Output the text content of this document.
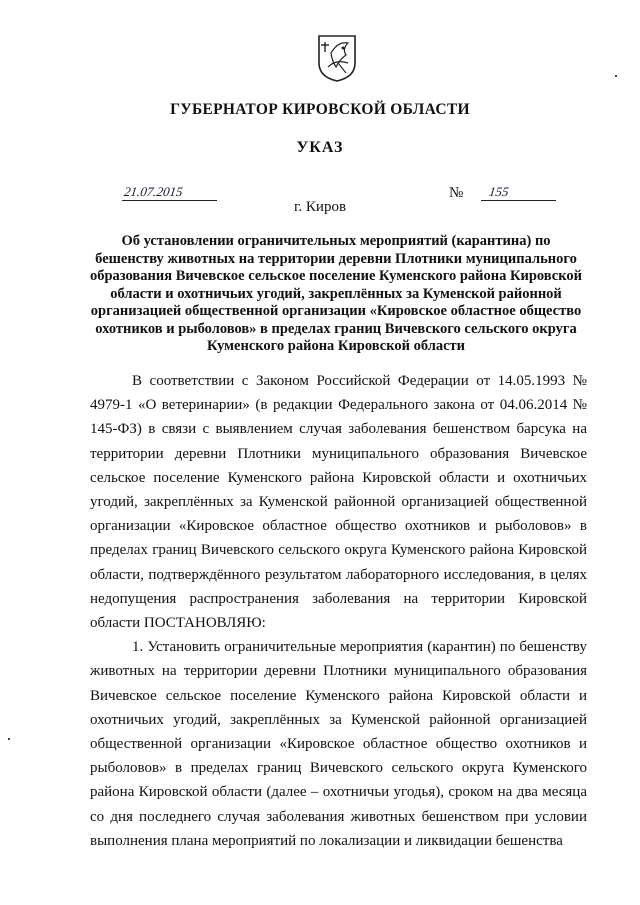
ГУБЕРНАТОР КИРОВСКОЙ ОБЛАСТИ
УКАЗ
21.07.2015	№ 155
г. Киров
Об установлении ограничительных мероприятий (карантина) по бешенству животных на территории деревни Плотники муниципального образования Вичевское сельское поселение Куменского района Кировской области и охотничьих угодий, закреплённых за Куменской районной организацией общественной организации «Кировское областное общество охотников и рыболовов» в пределах границ Вичевского сельского округа Куменского района Кировской области

В соответствии с Законом Российской Федерации от 14.05.1993 № 4979-1 «О ветеринарии» (в редакции Федерального закона от 04.06.2014 № 145-ФЗ) в связи с выявлением случая заболевания бешенством барсука на территории деревни Плотники муниципального образования Вичевское сельское поселение Куменского района Кировской области и охотничьих угодий, закреплённых за Куменской районной организацией общественной организации «Кировское областное общество охотников и рыболовов» в пределах границ Вичевского сельского округа Куменского района Кировской области, подтверждённого результатом лабораторного исследования, в целях недопущения распространения заболевания на территории Кировской области ПОСТАНОВЛЯЮ:

1. Установить ограничительные мероприятия (карантин) по бешенству животных на территории деревни Плотники муниципального образования Вичевское сельское поселение Куменского района Кировской области и охотничьих угодий, закреплённых за Куменской районной организацией общественной организации «Кировское областное общество охотников и рыболовов» в пределах границ Вичевского сельского округа Куменского района Кировской области (далее – охотничьи угодья), сроком на два месяца со дня последнего случая заболевания животных бешенством при условии выполнения плана мероприятий по локализации и ликвидации бешенства
